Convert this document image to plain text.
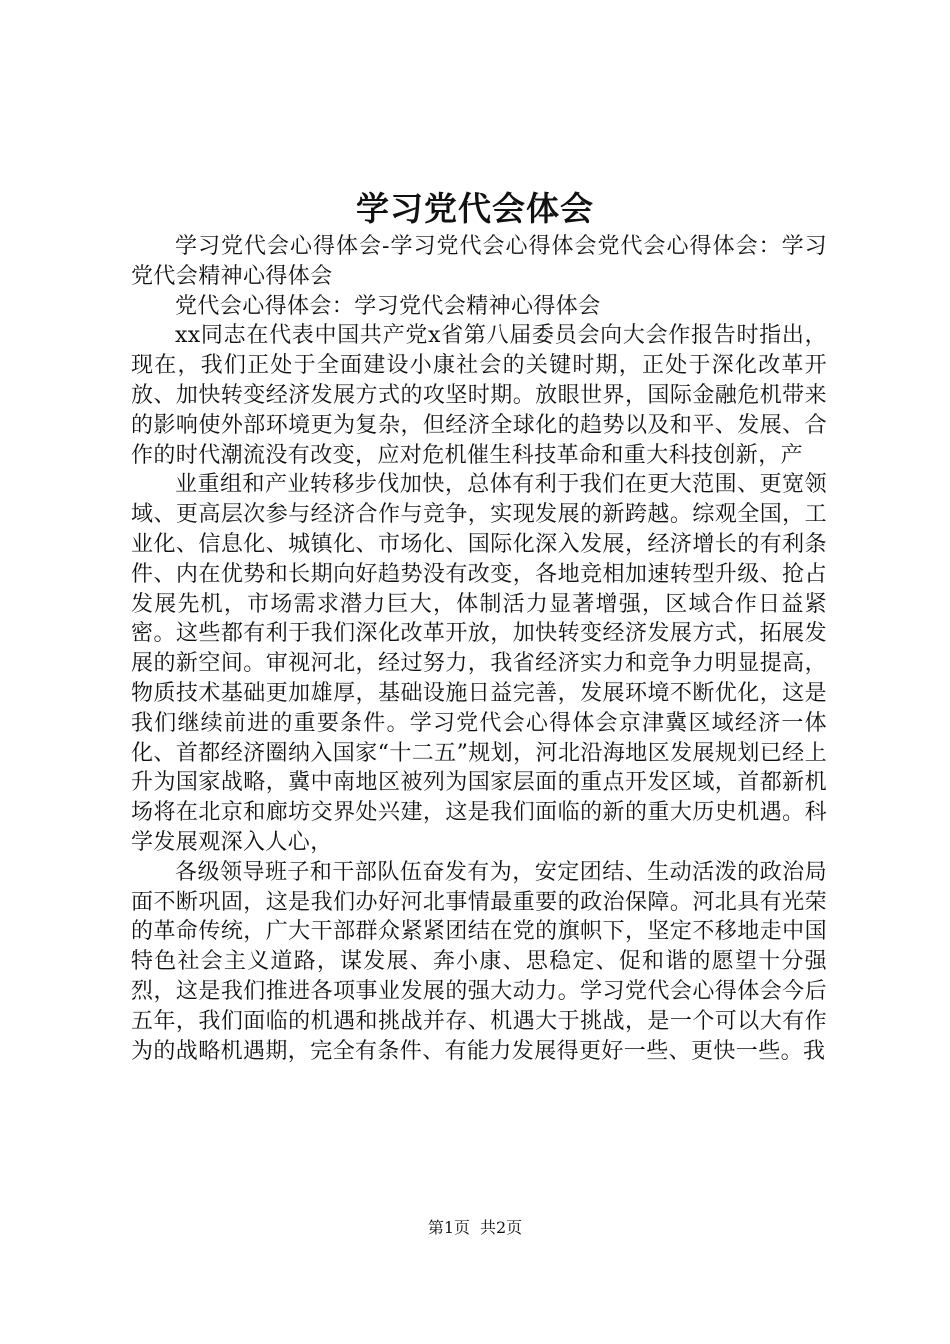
学习党代会体会

学习党代会心得体会-学习党代会心得体会党代会心得体会：学习党代会精神心得体会

党代会心得体会：学习党代会精神心得体会

xx同志在代表中国共产党x省第八届委员会向大会作报告时指出，现在，我们正处于全面建设小康社会的关键时期，正处于深化改革开放、加快转变经济发展方式的攻坚时期。放眼世界，国际金融危机带来的影响使外部环境更为复杂，但经济全球化的趋势以及和平、发展、合作的时代潮流没有改变，应对危机催生科技革命和重大科技创新，产

业重组和产业转移步伐加快，总体有利于我们在更大范围、更宽领域、更高层次参与经济合作与竞争，实现发展的新跨越。综观全国，工业化、信息化、城镇化、市场化、国际化深入发展，经济增长的有利条件、内在优势和长期向好趋势没有改变，各地竞相加速转型升级、抢占发展先机，市场需求潜力巨大，体制活力显著增强，区域合作日益紧密。这些都有利于我们深化改革开放，加快转变经济发展方式，拓展发展的新空间。审视河北，经过努力，我省经济实力和竞争力明显提高，物质技术基础更加雄厚，基础设施日益完善，发展环境不断优化，这是我们继续前进的重要条件。学习党代会心得体会京津冀区域经济一体化、首都经济圈纳入国家“十二五”规划，河北沿海地区发展规划已经上升为国家战略，冀中南地区被列为国家层面的重点开发区域，首都新机场将在北京和廊坊交界处兴建，这是我们面临的新的重大历史机遇。科学发展观深入人心，

各级领导班子和干部队伍奋发有为，安定团结、生动活泼的政治局面不断巩固，这是我们办好河北事情最重要的政治保障。河北具有光荣的革命传统，广大干部群众紧紧团结在党的旗帜下，坚定不移地走中国特色社会主义道路，谋发展、奔小康、思稳定、促和谐的愿望十分强烈，这是我们推进各项事业发展的强大动力。学习党代会心得体会今后五年，我们面临的机遇和挑战并存、机遇大于挑战，是一个可以大有作为的战略机遇期，完全有条件、有能力发展得更好一些、更快一些。我

第1页 共2页
